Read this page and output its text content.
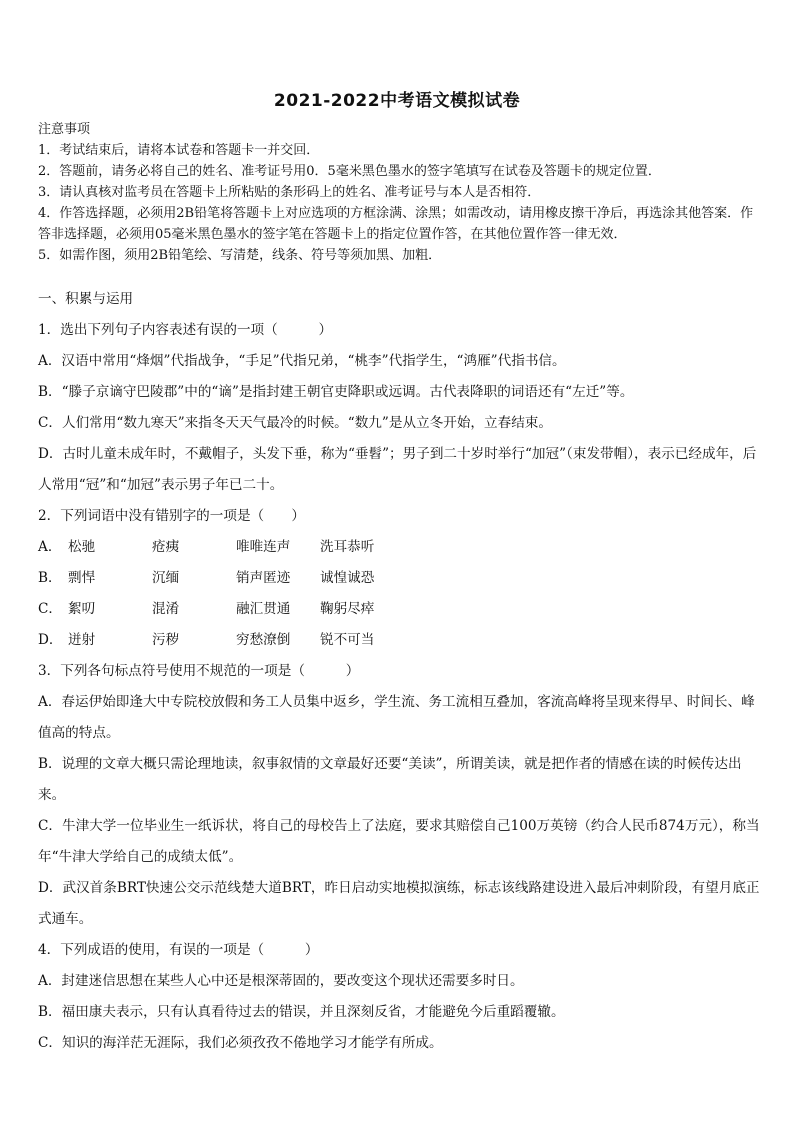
2021-2022中考语文模拟试卷
注意事项
1．考试结束后，请将本试卷和答题卡一并交回．
2．答题前，请务必将自己的姓名、准考证号用0．5毫米黑色墨水的签字笔填写在试卷及答题卡的规定位置．
3．请认真核对监考员在答题卡上所粘贴的条形码上的姓名、准考证号与本人是否相符．
4．作答选择题，必须用2B铅笔将答题卡上对应选项的方框涂满、涂黑；如需改动，请用橡皮擦干净后，再选涂其他答案．作答非选择题，必须用05毫米黑色墨水的签字笔在答题卡上的指定位置作答，在其他位置作答一律无效．
5．如需作图，须用2B铅笔绘、写清楚，线条、符号等须加黑、加粗．
一、积累与运用
1．选出下列句子内容表述有误的一项（　　　）
A．汉语中常用“烽烟”代指战争，“手足”代指兄弟，“桃李”代指学生，“鸿雁”代指书信。
B．“滕子京谪守巴陵郡”中的“谪”是指封建王朝官吏降职或远调。古代表降职的词语还有“左迁”等。
C．人们常用“数九寒天”来指冬天天气最冷的时候。“数九”是从立冬开始，立春结束。
D．古时儿童未成年时，不戴帽子，头发下垂，称为“垂髫”；男子到二十岁时举行“加冠”（束发带帽），表示已经成年，后人常用“冠”和“加冠”表示男子年已二十。
2．下列词语中没有错别字的一项是（　　）
A． 松驰	疮痍	唯唯连声	洗耳恭听
B． 剽悍	沉缅	销声匿迹	诚惶诚恐
C． 絮叨	混淆	融汇贯通	鞠躬尽瘁
D． 迸射	污秽	穷愁潦倒	锐不可当
3．下列各句标点符号使用不规范的一项是（　　　）
A．春运伊始即逢大中专院校放假和务工人员集中返乡，学生流、务工流相互叠加，客流高峰将呈现来得早、时间长、峰值高的特点。
B．说理的文章大概只需论理地读，叙事叙情的文章最好还要“美读”，所谓美读，就是把作者的情感在读的时候传达出来。
C．牛津大学一位毕业生一纸诉状，将自己的母校告上了法庭，要求其赔偿自己100万英镑（约合人民币874万元），称当年“牛津大学给自己的成绩太低”。
D．武汉首条BRT快速公交示范线楚大道BRT，昨日启动实地模拟演练，标志该线路建设进入最后冲刺阶段，有望月底正式通车。
4．下列成语的使用，有误的一项是（　　　）
A．封建迷信思想在某些人心中还是根深蒂固的，要改变这个现状还需要多时日。
B．福田康夫表示，只有认真看待过去的错误，并且深刻反省，才能避免今后重蹈覆辙。
C．知识的海洋茫无涯际，我们必须孜孜不倦地学习才能学有所成。
